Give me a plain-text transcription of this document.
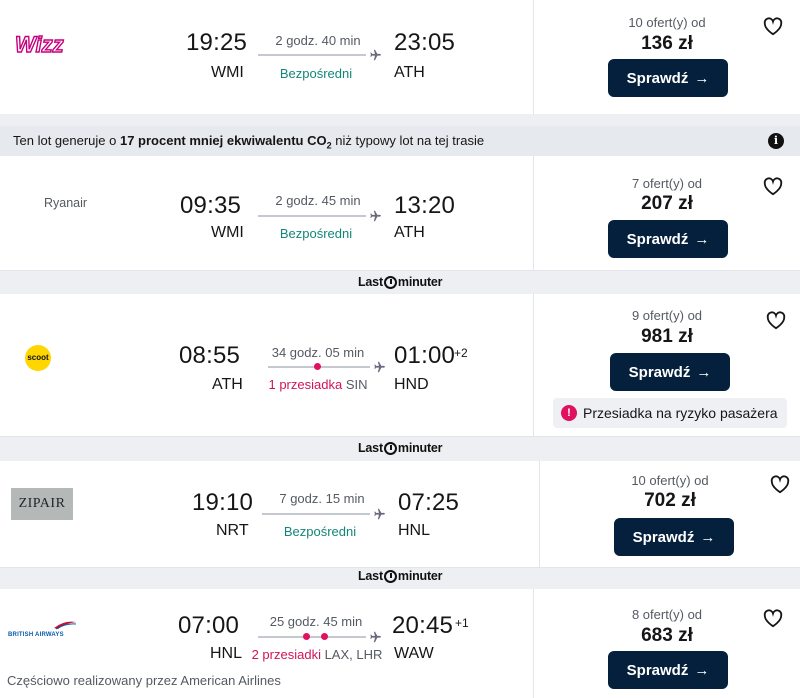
Wizz	19:25
WMI
2 godz. 40 min
Bezpośredni
23:05
ATH
10 ofert(y) od
136 zł
Sprawdź →
Ten lot generuje o 17 procent mniej ekwiwalentu $CO_2$ niż typowy lot na tej trasie	i
Ryanair	09:35
WMI
2 godz. 45 min
Bezpośredni
13:20
ATH
7 ofert(y) od
207 zł
Sprawdź →
Last minuter
scoot	08:55
ATH
34 godz. 05 min
1 przesiadka SIN
01:00
+2
HND
9 ofert(y) od
981 zł
Sprawdź →
! Przesiadka na ryzyko pasażera
Last minuter
ZIPAIR	19:10
NRT
7 godz. 15 min
Bezpośredni
07:25
HNL
10 ofert(y) od
702 zł
Sprawdź →
Last minuter
BRITISH AIRWAYS	07:00
HNL
25 godz. 45 min
2 przesiadki LAX, LHR
20:45 +1
WAW
Częściowo realizowany przez American Airlines
8 ofert(y) od
683 zł
Sprawdź →
